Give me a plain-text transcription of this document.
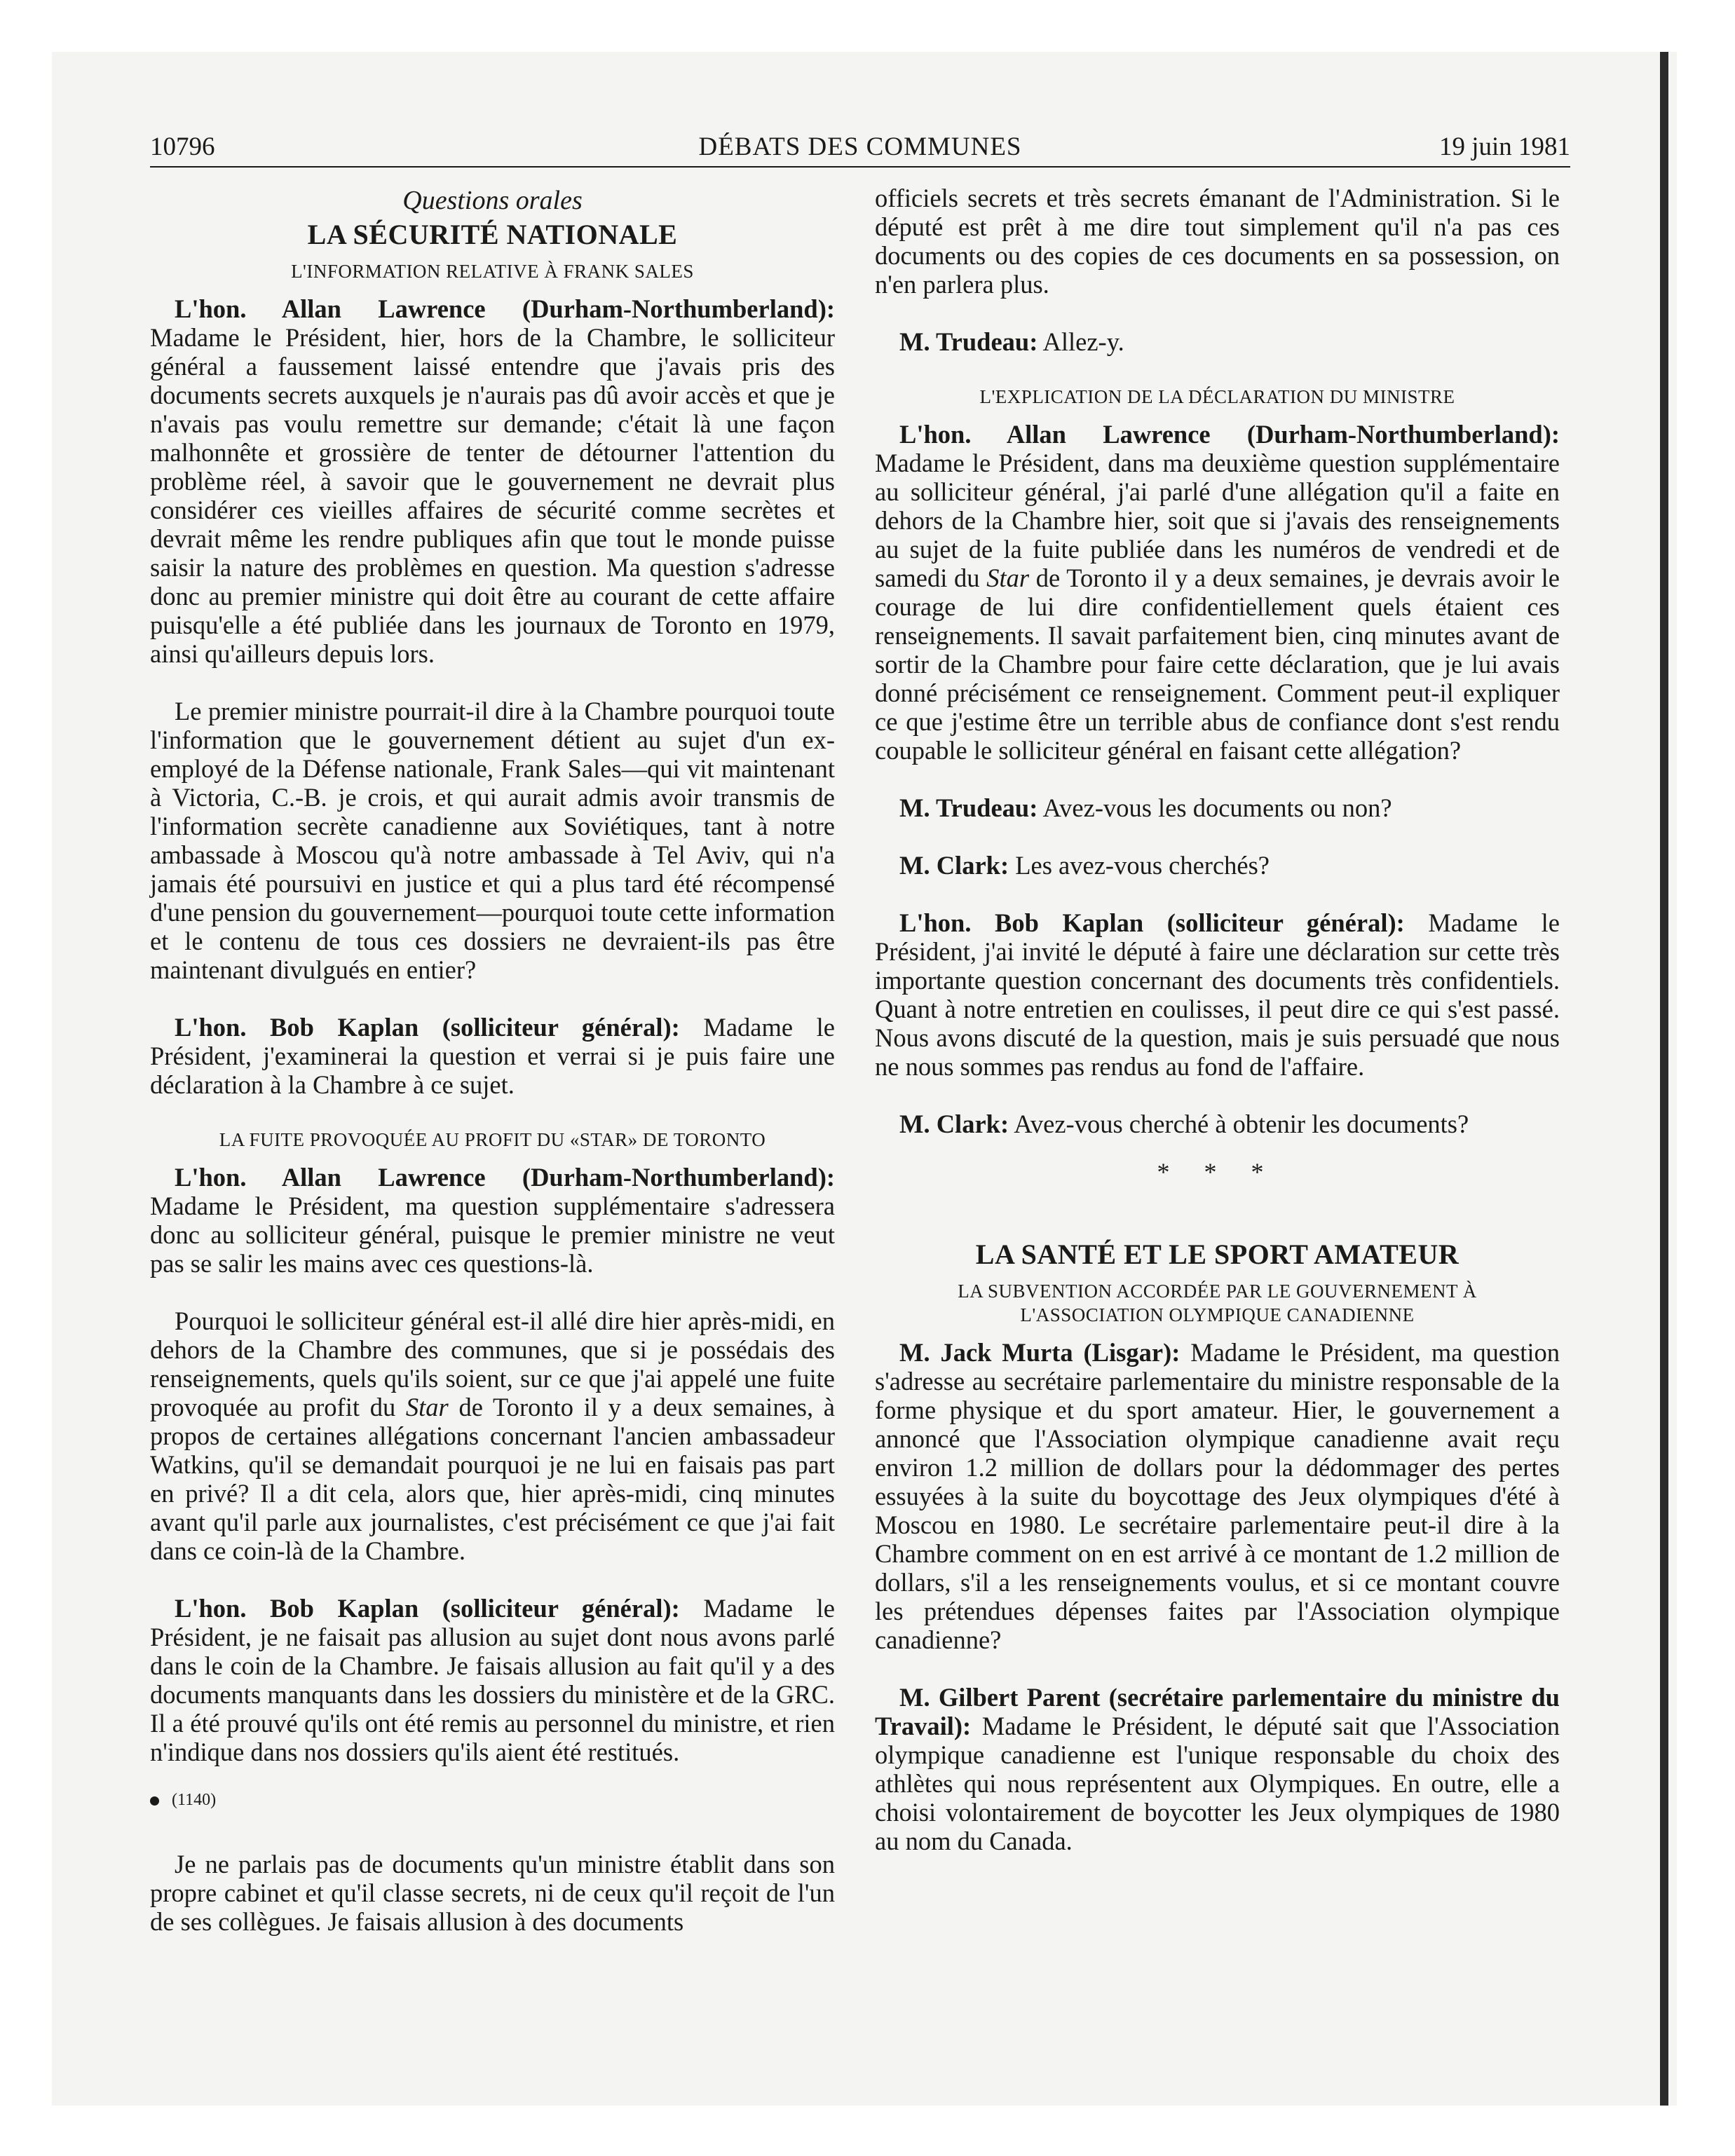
10796	DÉBATS DES COMMUNES	19 juin 1981

Questions orales

LA SÉCURITÉ NATIONALE

L'INFORMATION RELATIVE À FRANK SALES

L'hon. Allan Lawrence (Durham-Northumberland): Madame le Président, hier, hors de la Chambre, le solliciteur général a faussement laissé entendre que j'avais pris des documents secrets auxquels je n'aurais pas dû avoir accès et que je n'avais pas voulu remettre sur demande; c'était là une façon malhonnête et grossière de tenter de détourner l'attention du problème réel, à savoir que le gouvernement ne devrait plus considérer ces vieilles affaires de sécurité comme secrètes et devrait même les rendre publiques afin que tout le monde puisse saisir la nature des problèmes en question. Ma question s'adresse donc au premier ministre qui doit être au courant de cette affaire puisqu'elle a été publiée dans les journaux de Toronto en 1979, ainsi qu'ailleurs depuis lors.

Le premier ministre pourrait-il dire à la Chambre pourquoi toute l'information que le gouvernement détient au sujet d'un ex-employé de la Défense nationale, Frank Sales—qui vit maintenant à Victoria, C.-B. je crois, et qui aurait admis avoir transmis de l'information secrète canadienne aux Soviétiques, tant à notre ambassade à Moscou qu'à notre ambassade à Tel Aviv, qui n'a jamais été poursuivi en justice et qui a plus tard été récompensé d'une pension du gouvernement—pourquoi toute cette information et le contenu de tous ces dossiers ne devraient-ils pas être maintenant divulgués en entier?

L'hon. Bob Kaplan (solliciteur général): Madame le Président, j'examinerai la question et verrai si je puis faire une déclaration à la Chambre à ce sujet.

LA FUITE PROVOQUÉE AU PROFIT DU «STAR» DE TORONTO

L'hon. Allan Lawrence (Durham-Northumberland): Madame le Président, ma question supplémentaire s'adressera donc au solliciteur général, puisque le premier ministre ne veut pas se salir les mains avec ces questions-là.

Pourquoi le solliciteur général est-il allé dire hier après-midi, en dehors de la Chambre des communes, que si je possédais des renseignements, quels qu'ils soient, sur ce que j'ai appelé une fuite provoquée au profit du Star de Toronto il y a deux semaines, à propos de certaines allégations concernant l'ancien ambassadeur Watkins, qu'il se demandait pourquoi je ne lui en faisais pas part en privé? Il a dit cela, alors que, hier après-midi, cinq minutes avant qu'il parle aux journalistes, c'est précisément ce que j'ai fait dans ce coin-là de la Chambre.

L'hon. Bob Kaplan (solliciteur général): Madame le Président, je ne faisait pas allusion au sujet dont nous avons parlé dans le coin de la Chambre. Je faisais allusion au fait qu'il y a des documents manquants dans les dossiers du ministère et de la GRC. Il a été prouvé qu'ils ont été remis au personnel du ministre, et rien n'indique dans nos dossiers qu'ils aient été restitués.

(1140)

Je ne parlais pas de documents qu'un ministre établit dans son propre cabinet et qu'il classe secrets, ni de ceux qu'il reçoit de l'un de ses collègues. Je faisais allusion à des documents

officiels secrets et très secrets émanant de l'Administration. Si le député est prêt à me dire tout simplement qu'il n'a pas ces documents ou des copies de ces documents en sa possession, on n'en parlera plus.

M. Trudeau: Allez-y.

L'EXPLICATION DE LA DÉCLARATION DU MINISTRE

L'hon. Allan Lawrence (Durham-Northumberland): Madame le Président, dans ma deuxième question supplémentaire au solliciteur général, j'ai parlé d'une allégation qu'il a faite en dehors de la Chambre hier, soit que si j'avais des renseignements au sujet de la fuite publiée dans les numéros de vendredi et de samedi du Star de Toronto il y a deux semaines, je devrais avoir le courage de lui dire confidentiellement quels étaient ces renseignements. Il savait parfaitement bien, cinq minutes avant de sortir de la Chambre pour faire cette déclaration, que je lui avais donné précisément ce renseignement. Comment peut-il expliquer ce que j'estime être un terrible abus de confiance dont s'est rendu coupable le solliciteur général en faisant cette allégation?

M. Trudeau: Avez-vous les documents ou non?

M. Clark: Les avez-vous cherchés?

L'hon. Bob Kaplan (solliciteur général): Madame le Président, j'ai invité le député à faire une déclaration sur cette très importante question concernant des documents très confidentiels. Quant à notre entretien en coulisses, il peut dire ce qui s'est passé. Nous avons discuté de la question, mais je suis persuadé que nous ne nous sommes pas rendus au fond de l'affaire.

M. Clark: Avez-vous cherché à obtenir les documents?

* * *

LA SANTÉ ET LE SPORT AMATEUR

LA SUBVENTION ACCORDÉE PAR LE GOUVERNEMENT À
L'ASSOCIATION OLYMPIQUE CANADIENNE

M. Jack Murta (Lisgar): Madame le Président, ma question s'adresse au secrétaire parlementaire du ministre responsable de la forme physique et du sport amateur. Hier, le gouvernement a annoncé que l'Association olympique canadienne avait reçu environ 1.2 million de dollars pour la dédommager des pertes essuyées à la suite du boycottage des Jeux olympiques d'été à Moscou en 1980. Le secrétaire parlementaire peut-il dire à la Chambre comment on en est arrivé à ce montant de 1.2 million de dollars, s'il a les renseignements voulus, et si ce montant couvre les prétendues dépenses faites par l'Association olympique canadienne?

M. Gilbert Parent (secrétaire parlementaire du ministre du Travail): Madame le Président, le député sait que l'Association olympique canadienne est l'unique responsable du choix des athlètes qui nous représentent aux Olympiques. En outre, elle a choisi volontairement de boycotter les Jeux olympiques de 1980 au nom du Canada.
